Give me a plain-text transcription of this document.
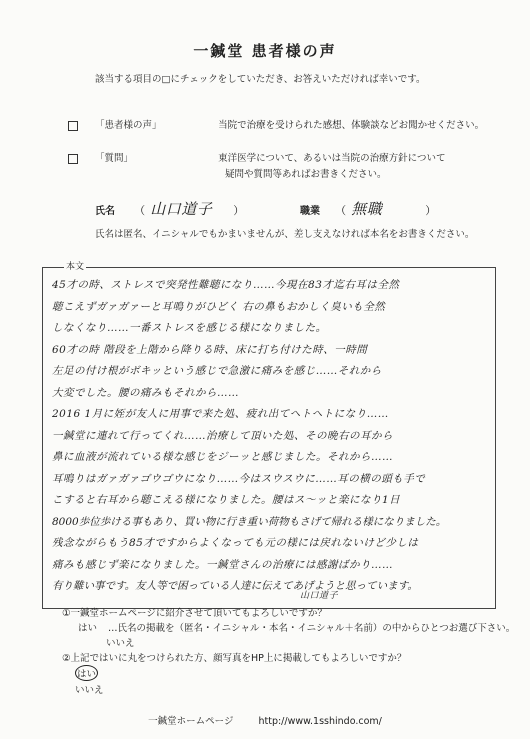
一鍼堂 患者様の声
該当する項目の□にチェックをしていただき、お答えいただければ幸いです。
「患者様の声」	当院で治療を受けられた感想、体験談などお聞かせください。
「質問」	東洋医学について、あるいは当院の治療方針について
疑問や質問等あればお書きください。
氏名 （ 山口道子 ）	職業 （ 無職	）
氏名は匿名、イニシャルでもかまいませんが、差し支えなければ本名をお書きください。
本文
45才の時、ストレスで突発性難聴になり……今現在83才迄右耳は全然
聴こえずガァガァーと耳鳴りがひどく 右の鼻もおかしく臭いも全然
しなくなり……一番ストレスを感じる様になりました。
60才の時 階段を上階から降りる時、床に打ち付けた時、一時間
左足の付け根がボキッという感じで急激に痛みを感じ……それから
大変でした。腰の痛みもそれから……
2016 1月に姪が友人に用事で来た処、疲れ出てヘトヘトになり……
一鍼堂に連れて行ってくれ……治療して頂いた処、その晩右の耳から
鼻に血液が流れている様な感じをジーッと感じました。それから……
耳鳴りはガァガァゴウゴウになり……今はスウスウに……耳の横の頭も手で
こすると右耳から聴こえる様になりました。腰はス〜ッと楽になり1日
8000歩位歩ける事もあり、買い物に行き重い荷物もさげて帰れる様になりました。
残念ながらもう85才ですからよくなっても元の様には戻れないけど少しは
痛みも感じず楽になりました。一鍼堂さんの治療には感謝ばかり……
有り難い事です。友人等で困っている人達に伝えてあげようと思っています。
山口道子
①一鍼堂ホームページに紹介させて頂いてもよろしいですか？
はい …氏名の掲載を（匿名・イニシャル・本名・イニシャル＋名前）の中からひとつお選び下さい。
いいえ
②上記ではいに丸をつけられた方、顔写真をHP上に掲載してもよろしいですか？
はい
いいえ
一鍼堂ホームページ	http://www.1sshindo.com/
